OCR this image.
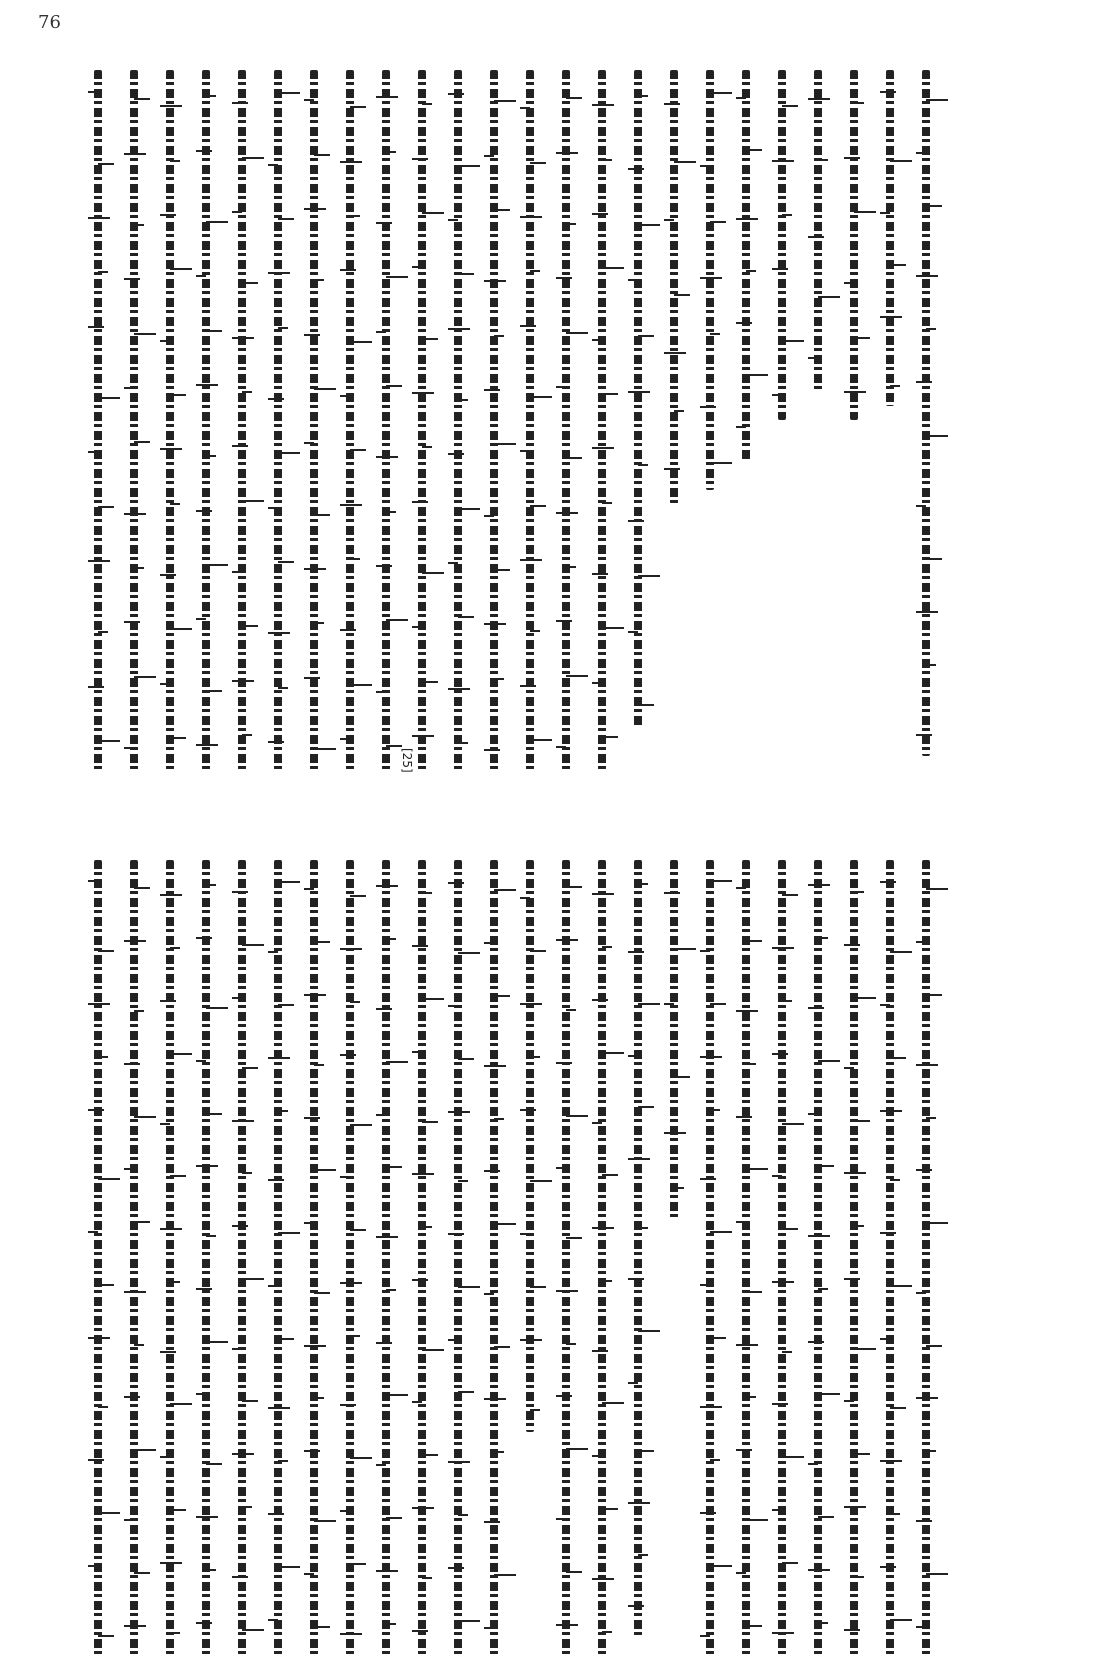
76
[25]
